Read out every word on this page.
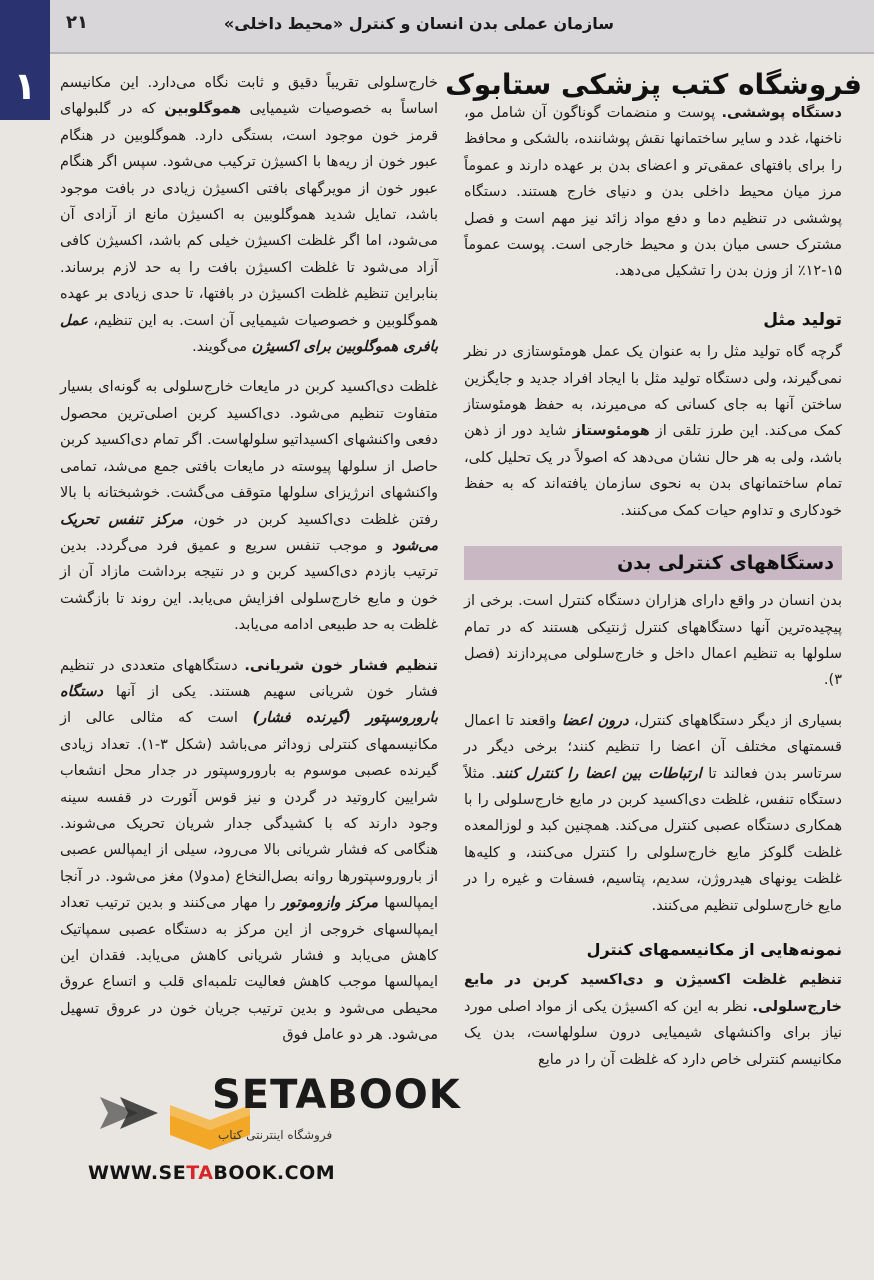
سازمان عملی بدن انسان و کنترل «محیط داخلی»
۲۱
۱	فروشگاه کتب پزشکی ستابوک

دستگاه پوششی. پوست و منضمات گوناگون آن شامل مو، ناخنها، غدد و سایر ساختمانها نقش پوشاننده، بالشکی و محافظ را برای بافتهای عمقی‌تر و اعضای بدن بر عهده دارند و عموماً مرز میان محیط داخلی بدن و دنیای خارج هستند. دستگاه پوششی در تنظیم دما و دفع مواد زائد نیز مهم است و فصل مشترک حسی میان بدن و محیط خارجی است. پوست عموماً ۱۵-۱۲٪ از وزن بدن را تشکیل می‌دهد.

تولید مثل

گرچه گاه تولید مثل را به عنوان یک عمل هومئوستازی در نظر نمی‌گیرند، ولی دستگاه تولید مثل با ایجاد افراد جدید و جایگزین ساختن آنها به جای کسانی که می‌میرند، به حفظ هومئوستاز کمک می‌کند. این طرز تلقی از هومئوستاز شاید دور از ذهن باشد، ولی به هر حال نشان می‌دهد که اصولاً در یک تحلیل کلی، تمام ساختمانهای بدن به نحوی سازمان یافته‌اند که به حفظ خودکاری و تداوم حیات کمک می‌کنند.

دستگاههای کنترلی بدن

بدن انسان در واقع دارای هزاران دستگاه کنترل است. برخی از پیچیده‌ترین آنها دستگاههای کنترل ژنتیکی هستند که در تمام سلولها به تنظیم اعمال داخل و خارج‌سلولی می‌پردازند (فصل ۳).

بسیاری از دیگر دستگاههای کنترل، درون اعضا واقعند تا اعمال قسمتهای مختلف آن اعضا را تنظیم کنند؛ برخی دیگر در سرتاسر بدن فعالند تا ارتباطات بین اعضا را کنترل کنند. مثلاً دستگاه تنفس، غلظت دی‌اکسید کربن در مایع خارج‌سلولی را با همکاری دستگاه عصبی کنترل می‌کند. همچنین کبد و لوزالمعده غلظت گلوکز مایع خارج‌سلولی را کنترل می‌کنند، و کلیه‌ها غلظت یونهای هیدروژن، سدیم، پتاسیم، فسفات و غیره را در مایع خارج‌سلولی تنظیم می‌کنند.

نمونه‌هایی از مکانیسمهای کنترل

تنظیم غلظت اکسیژن و دی‌اکسید کربن در مایع خارج‌سلولی. نظر به این که اکسیژن یکی از مواد اصلی مورد نیاز برای واکنشهای شیمیایی درون سلولهاست، بدن یک مکانیسم کنترلی خاص دارد که غلظت آن را در مایع

خارج‌سلولی تقریباً دقیق و ثابت نگاه می‌دارد. این مکانیسم اساساً به خصوصیات شیمیایی هموگلوبین که در گلبولهای قرمز خون موجود است، بستگی دارد. هموگلوبین در هنگام عبور خون از ریه‌ها با اکسیژن ترکیب می‌شود. سپس اگر هنگام عبور خون از مویرگهای بافتی اکسیژن زیادی در بافت موجود باشد، تمایل شدید هموگلوبین به اکسیژن مانع از آزادی آن می‌شود، اما اگر غلظت اکسیژن خیلی کم باشد، اکسیژن کافی آزاد می‌شود تا غلظت اکسیژن بافت را به حد لازم برساند. بنابراین تنظیم غلظت اکسیژن در بافتها، تا حدی زیادی بر عهده هموگلوبین و خصوصیات شیمیایی آن است. به این تنظیم، عمل بافری هموگلوبین برای اکسیژن می‌گویند.

غلظت دی‌اکسید کربن در مایعات خارج‌سلولی به گونه‌ای بسیار متفاوت تنظیم می‌شود. دی‌اکسید کربن اصلی‌ترین محصول دفعی واکنشهای اکسیداتیو سلولهاست. اگر تمام دی‌اکسید کربن حاصل از سلولها پیوسته در مایعات بافتی جمع می‌شد، تمامی واکنشهای انرژیزای سلولها متوقف می‌گشت. خوشبختانه با بالا رفتن غلظت دی‌اکسید کربن در خون، مرکز تنفس تحریک می‌شود و موجب تنفس سریع و عمیق فرد می‌گردد. بدین ترتیب بازدم دی‌اکسید کربن و در نتیجه برداشت مازاد آن از خون و مایع خارج‌سلولی افزایش می‌یابد. این روند تا بازگشت غلظت به حد طبیعی ادامه می‌یابد.

تنظیم فشار خون شریانی. دستگاههای متعددی در تنظیم فشار خون شریانی سهیم هستند. یکی از آنها دستگاه باروروسپتور (گیرنده فشار) است که مثالی عالی از مکانیسمهای کنترلی زوداثر می‌باشد (شکل ۳-۱). تعداد زیادی گیرنده عصبی موسوم به باروروسپتور در جدار محل انشعاب شرایین کاروتید در گردن و نیز قوس آئورت در قفسه سینه وجود دارند که با کشیدگی جدار شریان تحریک می‌شوند. هنگامی که فشار شریانی بالا می‌رود، سیلی از ایمپالس عصبی از باروروسپتورها روانه بصل‌النخاع (مدولا) مغز می‌شود. در آنجا ایمپالسها مرکز وازوموتور را مهار می‌کنند و بدین ترتیب تعداد ایمپالسهای خروجی از این مرکز به دستگاه عصبی سمپاتیک کاهش می‌یابد و فشار شریانی کاهش می‌یابد. فقدان این ایمپالسها موجب کاهش فعالیت تلمبه‌ای قلب و اتساع عروق محیطی می‌شود و بدین ترتیب جریان خون در عروق تسهیل می‌شود. هر دو عامل فوق

SETABOOK
فروشگاه اینترنتی کتاب
WWW.SETABOOK.COM
